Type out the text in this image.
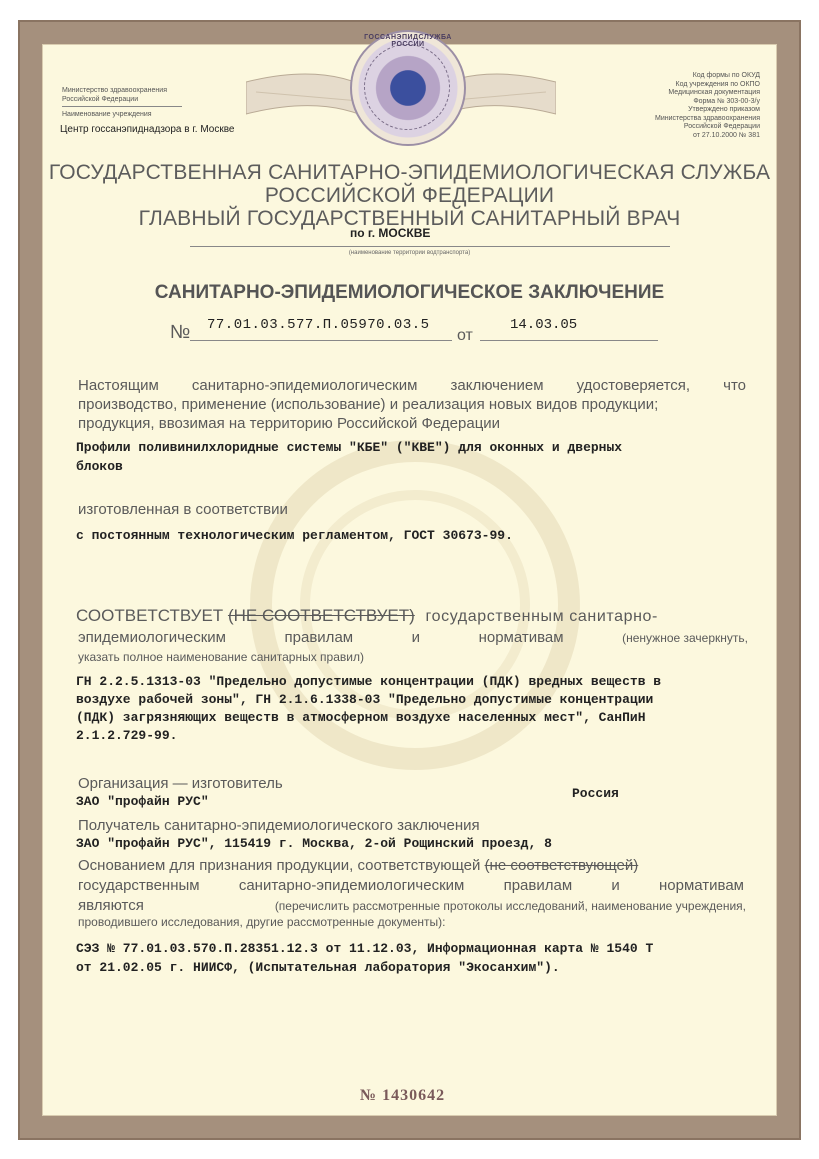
ГОССАНЭПИДСЛУЖБА РОССИИ
Министерство здравоохранения
Российской Федерации
Наименование учреждения
Центр госсанэпиднадзора в г. Москве
Код формы по ОКУД
Код учреждения по ОКПО
Медицинская документация
Форма № 303-00-3/у
Утверждено приказом
Министерства здравоохранения
Российской Федерации
от 27.10.2000 № 381
ГОСУДАРСТВЕННАЯ САНИТАРНО-ЭПИДЕМИОЛОГИЧЕСКАЯ СЛУЖБА
РОССИЙСКОЙ ФЕДЕРАЦИИ
ГЛАВНЫЙ ГОСУДАРСТВЕННЫЙ САНИТАРНЫЙ ВРАЧ
по г. МОСКВЕ
(наименование территории водтранспорта)
САНИТАРНО-ЭПИДЕМИОЛОГИЧЕСКОЕ ЗАКЛЮЧЕНИЕ
№ 77.01.03.577.П.05970.03.5
от
14.03.05
Настоящим санитарно-эпидемиологическим заключением удостоверяется, что
производство, применение (использование) и реализация новых видов продукции;
продукция, ввозимая на территорию Российской Федерации
Профили поливинилхлоридные системы "КБЕ" ("КВЕ") для оконных и дверных
блоков
изготовленная в соответствии
с постоянным технологическим регламентом, ГОСТ 30673-99.
СООТВЕТСТВУЕТ (НЕ СООТВЕТСТВУЕТ) государственным санитарно-
эпидемиологическим	правилам	и	нормативам	(ненужное зачеркнуть,
указать полное наименование санитарных правил)
ГН 2.2.5.1313-03 "Предельно допустимые концентрации (ПДК) вредных веществ в
воздухе рабочей зоны", ГН 2.1.6.1338-03 "Предельно допустимые концентрации
(ПДК) загрязняющих веществ в атмосферном воздухе населенных мест", СанПиН
2.1.2.729-99.
Организация — изготовитель
ЗАО "профайн РУС"
Россия
Получатель санитарно-эпидемиологического заключения
ЗАО "профайн РУС", 115419 г. Москва, 2-ой Рощинский проезд, 8
Основанием для признания продукции, соответствующей (не соответствующей)
государственным санитарно-эпидемиологическим правилам и нормативам
являются	(перечислить рассмотренные протоколы исследований, наименование учреждения,
проводившего исследования, другие рассмотренные документы):
СЭЗ № 77.01.03.570.П.28351.12.3 от 11.12.03, Информационная карта № 1540 Т
от 21.02.05 г. НИИСФ, (Испытательная лаборатория "Экосанхим").
№ 1430642
